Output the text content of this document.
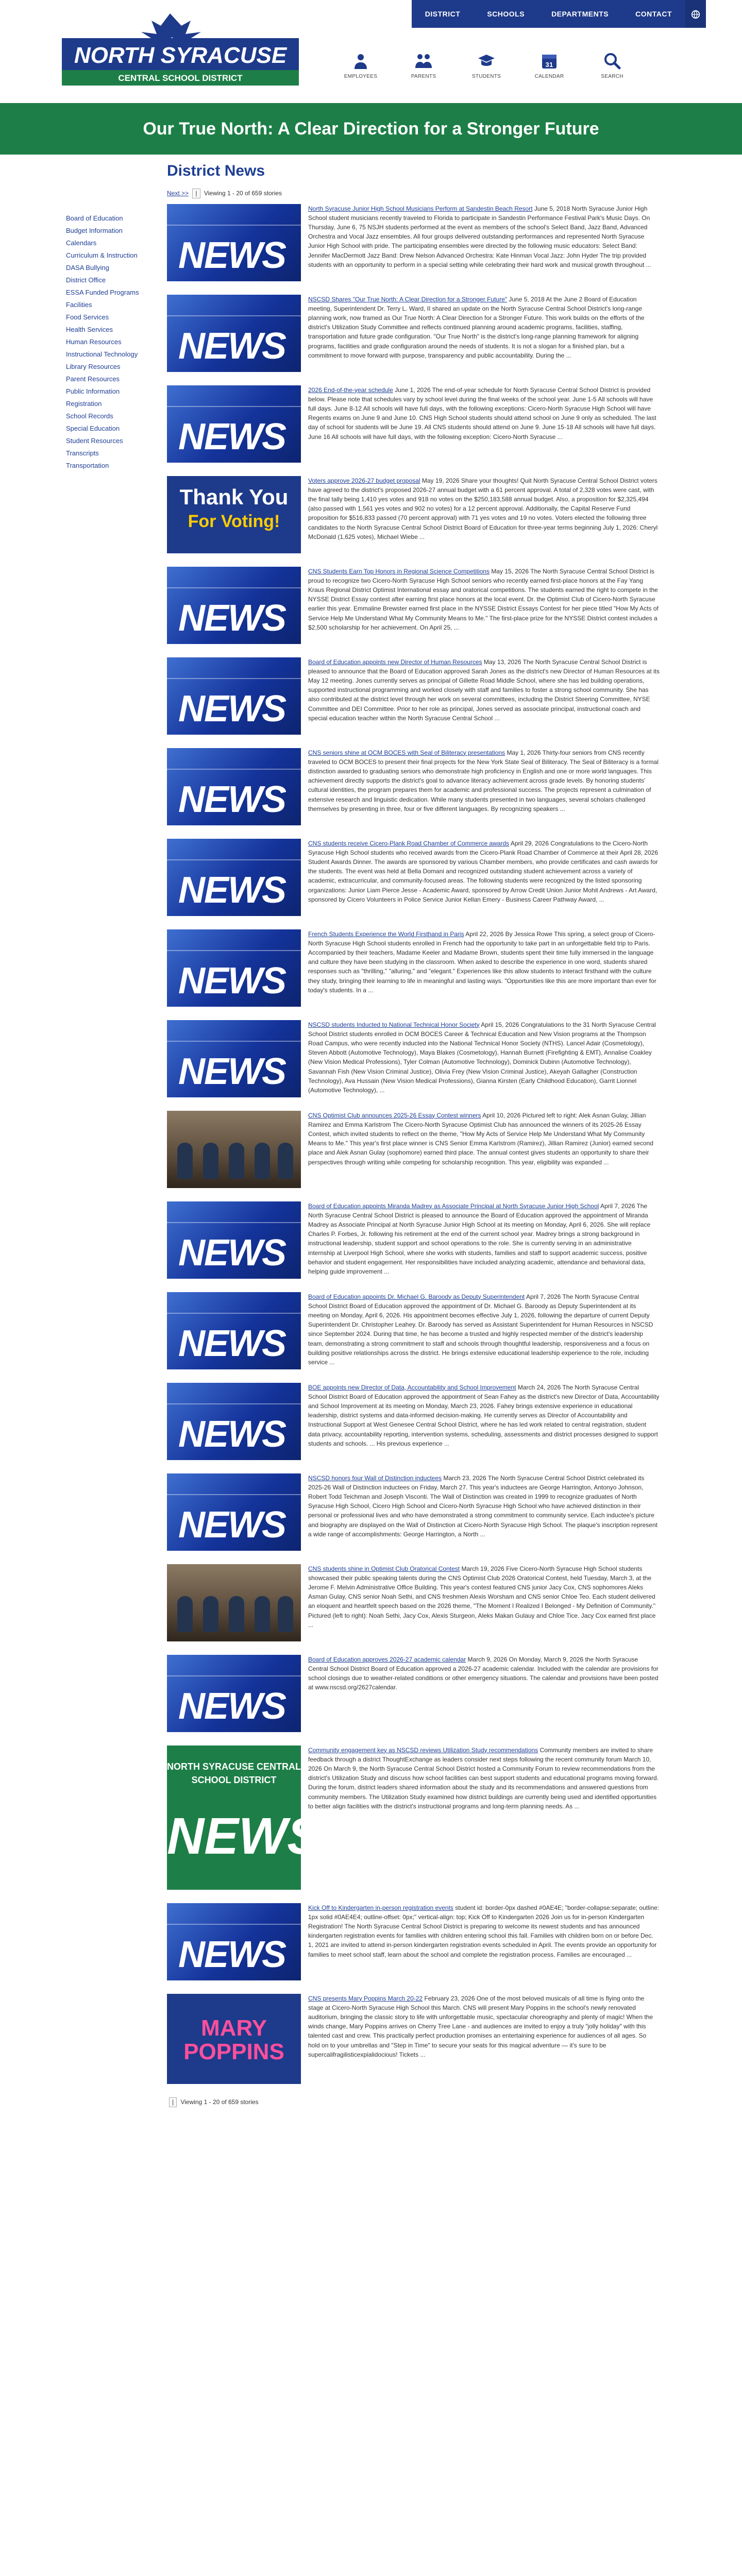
NORTH SYRACUSE
CENTRAL SCHOOL DISTRICT
DISTRICT	SCHOOLS	DEPARTMENTS	CONTACT
EMPLOYEES	PARENTS	STUDENTS
31
CALENDAR	SEARCH
Our True North: A Clear Direction for a Stronger Future
Board of Education
Budget Information
Calendars
Curriculum & Instruction
DASA Bullying
District Office
ESSA Funded Programs
Facilities
Food Services
Health Services
Human Resources
Instructional Technology
Library Resources
Parent Resources
Public Information
Registration
School Records
Special Education
Student Resources
Transcripts
Transportation
District News
Next >> | Viewing 1 - 20 of 659 stories
NEWS
North Syracuse Junior High School Musicians Perform at Sandestin Beach Resort June 5, 2018 North Syracuse Junior High School student musicians recently traveled to Florida to participate in Sandestin Performance Festival Park's Music Days. On Thursday, June 6, 75 NSJH students performed at the event as members of the school's Select Band, Jazz Band, Advanced Orchestra and Vocal Jazz ensembles. All four groups delivered outstanding performances and represented North Syracuse Junior High School with pride. The participating ensembles were directed by the following music educators: Select Band: Jennifer MacDermott Jazz Band: Drew Nelson Advanced Orchestra: Kate Hinman Vocal Jazz: John Hyder The trip provided students with an opportunity to perform in a special setting while celebrating their hard work and musical growth throughout ...
NEWS
NSCSD Shares "Our True North: A Clear Direction for a Stronger Future" June 5, 2018 At the June 2 Board of Education meeting, Superintendent Dr. Terry L. Ward, II shared an update on the North Syracuse Central School District's long-range planning work, now framed as Our True North: A Clear Direction for a Stronger Future. This work builds on the efforts of the district's Utilization Study Committee and reflects continued planning around academic programs, facilities, staffing, transportation and future grade configuration. "Our True North" is the district's long-range planning framework for aligning programs, facilities and grade configuration around the needs of students. It is not a slogan for a finished plan, but a commitment to move forward with purpose, transparency and public accountability. During the ...
NEWS
2026 End-of-the-year schedule June 1, 2026 The end-of-year schedule for North Syracuse Central School District is provided below. Please note that schedules vary by school level during the final weeks of the school year. June 1-5 All schools will have full days. June 8-12 All schools will have full days, with the following exceptions: Cicero-North Syracuse High School will have Regents exams on June 9 and June 10. CNS High School students should attend school on June 9 only as scheduled. The last day of school for students will be June 19. All CNS students should attend on June 9. June 15-18 All schools will have full days. June 16 All schools will have full days, with the following exception: Cicero-North Syracuse ...
Thank You
For Voting!
Voters approve 2026-27 budget proposal May 19, 2026 Share your thoughts! Quit North Syracuse Central School District voters have agreed to the district's proposed 2026-27 annual budget with a 61 percent approval. A total of 2,328 votes were cast, with the final tally being 1,410 yes votes and 918 no votes on the $250,183,588 annual budget. Also, a proposition for $2,325,494 (also passed with 1,561 yes votes and 902 no votes) for a 12 percent approval. Additionally, the Capital Reserve Fund proposition for $516,833 passed (70 percent approval) with 71 yes votes and 19 no votes. Voters elected the following three candidates to the North Syracuse Central School District Board of Education for three-year terms beginning July 1, 2026: Cheryl McDonald (1,625 votes), Michael Wiebe ...
NEWS
CNS Students Earn Top Honors in Regional Science Competitions May 15, 2026 The North Syracuse Central School District is proud to recognize two Cicero-North Syracuse High School seniors who recently earned first-place honors at the Fay Yang Kraus Regional District Optimist International essay and oratorical competitions. The students earned the right to compete in the NYSSE District Essay contest after earning first place honors at the local event. Dr. the Optimist Club of Cicero-North Syracuse earlier this year. Emmaline Brewster earned first place in the NYSSE District Essays Contest for her piece titled "How My Acts of Service Help Me Understand What My Community Means to Me." The first-place prize for the NYSSE District contest includes a $2,500 scholarship for her achievement. On April 25, ...
NEWS
Board of Education appoints new Director of Human Resources May 13, 2026 The North Syracuse Central School District is pleased to announce that the Board of Education approved Sarah Jones as the district's new Director of Human Resources at its May 12 meeting. Jones currently serves as principal of Gillette Road Middle School, where she has led building operations, supported instructional programming and worked closely with staff and families to foster a strong school community. She has also contributed at the district level through her work on several committees, including the District Steering Committee, NYSE Committee and DEI Committee. Prior to her role as principal, Jones served as associate principal, instructional coach and special education teacher within the North Syracuse Central School ...
NEWS
CNS seniors shine at OCM BOCES with Seal of Biliteracy presentations May 1, 2026 Thirty-four seniors from CNS recently traveled to OCM BOCES to present their final projects for the New York State Seal of Biliteracy. The Seal of Biliteracy is a formal distinction awarded to graduating seniors who demonstrate high proficiency in English and one or more world languages. This achievement directly supports the district's goal to advance literacy achievement across grade levels. By honoring students' cultural identities, the program prepares them for academic and professional success. The projects represent a culmination of extensive research and linguistic dedication. While many students presented in two languages, several scholars challenged themselves by presenting in three, four or five different languages. By recognizing speakers ...
NEWS
CNS students receive Cicero-Plank Road Chamber of Commerce awards April 29, 2026 Congratulations to the Cicero-North Syracuse High School students who received awards from the Cicero-Plank Road Chamber of Commerce at their April 28, 2026 Student Awards Dinner. The awards are sponsored by various Chamber members, who provide certificates and cash awards for the students. The event was held at Bella Domani and recognized outstanding student achievement across a variety of academic, extracurricular, and community-focused areas. The following students were recognized by the listed sponsoring organizations: Junior Liam Pierce Jesse - Academic Award, sponsored by Arrow Credit Union Junior Mohit Andrews - Art Award, sponsored by Cicero Volunteers in Police Service Junior Kellan Emery - Business Career Pathway Award, ...
NEWS
French Students Experience the World Firsthand in Paris April 22, 2026 By Jessica Rowe This spring, a select group of Cicero-North Syracuse High School students enrolled in French had the opportunity to take part in an unforgettable field trip to Paris. Accompanied by their teachers, Madame Keeler and Madame Brown, students spent their time fully immersed in the language and culture they have been studying in the classroom. When asked to describe the experience in one word, students shared responses such as "thrilling," "alluring," and "elegant." Experiences like this allow students to interact firsthand with the culture they study, bringing their learning to life in meaningful and lasting ways. "Opportunities like this are more important than ever for today's students. In a ...
NEWS
NSCSD students Inducted to National Technical Honor Society April 15, 2026 Congratulations to the 31 North Syracuse Central School District students enrolled in OCM BOCES Career & Technical Education and New Vision programs at the Thompson Road Campus, who were recently inducted into the National Technical Honor Society (NTHS). Lancel Adair (Cosmetology), Steven Abbott (Automotive Technology), Maya Blakes (Cosmetology), Hannah Burnett (Firefighting & EMT), Annalise Coakley (New Vision Medical Professions), Tyler Colman (Automotive Technology), Dominick Dubinn (Automotive Technology), Savannah Fish (New Vision Criminal Justice), Olivia Frey (New Vision Criminal Justice), Akeyah Gallagher (Construction Technology), Ava Hussain (New Vision Medical Professions), Gianna Kirsten (Early Childhood Education), Garrit Lionnel (Automotive Technology), ...
CNS Optimist Club announces 2025-26 Essay Contest winners April 10, 2026 Pictured left to right: Alek Asnan Gulay, Jillian Ramirez and Emma Karlstrom The Cicero-North Syracuse Optimist Club has announced the winners of its 2025-26 Essay Contest, which invited students to reflect on the theme, "How My Acts of Service Help Me Understand What My Community Means to Me." This year's first place winner is CNS Senior Emma Karlstrom (Ramirez), Jillian Ramirez (Junior) earned second place and Alek Asnan Gulay (sophomore) earned third place. The annual contest gives students an opportunity to share their perspectives through writing while competing for scholarship recognition. This year, eligibility was expanded ...
NEWS
Board of Education appoints Miranda Madrey as Associate Principal at North Syracuse Junior High School April 7, 2026 The North Syracuse Central School District is pleased to announce the Board of Education approved the appointment of Miranda Madrey as Associate Principal at North Syracuse Junior High School at its meeting on Monday, April 6, 2026. She will replace Charles P. Forbes, Jr. following his retirement at the end of the current school year. Madrey brings a strong background in instructional leadership, student support and school operations to the role. She is currently serving in an administrative internship at Liverpool High School, where she works with students, families and staff to support academic success, positive behavior and student engagement. Her responsibilities have included analyzing academic, attendance and behavioral data, helping guide improvement ...
NEWS
Board of Education appoints Dr. Michael G. Baroody as Deputy Superintendent April 7, 2026 The North Syracuse Central School District Board of Education approved the appointment of Dr. Michael G. Baroody as Deputy Superintendent at its meeting on Monday, April 6, 2026. His appointment becomes effective July 1, 2026, following the departure of current Deputy Superintendent Dr. Christopher Leahey. Dr. Baroody has served as Assistant Superintendent for Human Resources in NSCSD since September 2024. During that time, he has become a trusted and highly respected member of the district's leadership team, demonstrating a strong commitment to staff and schools through thoughtful leadership, responsiveness and a focus on building positive relationships across the district. He brings extensive educational leadership experience to the role, including service ...
NEWS
BOE appoints new Director of Data, Accountability and School Improvement March 24, 2026 The North Syracuse Central School District Board of Education approved the appointment of Sean Fahey as the district's new Director of Data, Accountability and School Improvement at its meeting on Monday, March 23, 2026. Fahey brings extensive experience in educational leadership, district systems and data-informed decision-making. He currently serves as Director of Accountability and Instructional Support at West Genesee Central School District, where he has led work related to central registration, student data privacy, accountability reporting, intervention systems, scheduling, assessments and district processes designed to support students and schools. ... His previous experience ...
NEWS
NSCSD honors four Wall of Distinction inductees March 23, 2026 The North Syracuse Central School District celebrated its 2025-26 Wall of Distinction inductees on Friday, March 27. This year's inductees are George Harrington, Antonyo Johnson, Robert Todd Teichman and Joseph Visconti. The Wall of Distinction was created in 1999 to recognize graduates of North Syracuse High School, Cicero High School and Cicero-North Syracuse High School who have achieved distinction in their personal or professional lives and who have demonstrated a strong commitment to community service. Each inductee's picture and biography are displayed on the Wall of Distinction at Cicero-North Syracuse High School. The plaque's inscription represent a wide range of accomplishments: George Harrington, a North ...
CNS students shine in Optimist Club Oratorical Contest March 19, 2026 Five Cicero-North Syracuse High School students showcased their public speaking talents during the CNS Optimist Club 2026 Oratorical Contest, held Tuesday, March 3, at the Jerome F. Melvin Administrative Office Building. This year's contest featured CNS junior Jacy Cox, CNS sophomores Aleks Asman Gulay, CNS senior Noah Sethi, and CNS freshmen Alexis Worsham and CNS senior Chloe Teo. Each student delivered an eloquent and heartfelt speech based on the 2026 theme, "The Moment I Realized I Belonged - My Definition of Community." Pictured (left to right): Noah Sethi, Jacy Cox, Alexis Sturgeon, Aleks Makan Gulauy and Chloe Tice. Jacy Cox earned first place ...
NEWS
Board of Education approves 2026-27 academic calendar March 9, 2026 On Monday, March 9, 2026 the North Syracuse Central School District Board of Education approved a 2026-27 academic calendar. Included with the calendar are provisions for school closings due to weather-related conditions or other emergency situations. The calendar and provisions have been posted at www.nscsd.org/2627calendar.
NORTH SYRACUSE CENTRAL SCHOOL DISTRICT
NEWS
Community engagement key as NSCSD reviews Utilization Study recommendations Community members are invited to share feedback through a district ThoughtExchange as leaders consider next steps following the recent community forum March 10, 2026 On March 9, the North Syracuse Central School District hosted a Community Forum to review recommendations from the district's Utilization Study and discuss how school facilities can best support students and educational programs moving forward. During the forum, district leaders shared information about the study and its recommendations and answered questions from community members. The Utilization Study examined how district buildings are currently being used and identified opportunities to better align facilities with the district's instructional programs and long-term planning needs. As ...
NEWS
Kick Off to Kindergarten in-person registration events student id: border-0px dashed #0AE4E; "border-collapse:separate; outline: 1px solid #0AE4E4; outline-offset: 0px;" vertical-align: top; Kick Off to Kindergarten 2026 Join us for in-person Kindergarten Registration! The North Syracuse Central School District is preparing to welcome its newest students and has announced kindergarten registration events for families with children entering school this fall. Families with children born on or before Dec. 1, 2021 are invited to attend in-person kindergarten registration events scheduled in April. The events provide an opportunity for families to meet school staff, learn about the school and complete the registration process. Families are encouraged ...
MARY POPPINS
CNS presents Mary Poppins March 20-22 February 23, 2026 One of the most beloved musicals of all time is flying onto the stage at Cicero-North Syracuse High School this March. CNS will present Mary Poppins in the school's newly renovated auditorium, bringing the classic story to life with unforgettable music, spectacular choreography and plenty of magic! When the winds change, Mary Poppins arrives on Cherry Tree Lane - and audiences are invited to enjoy a truly "jolly holiday" with this talented cast and crew. This practically perfect production promises an entertaining experience for audiences of all ages. So hold on to your umbrellas and "Step in Time" to secure your seats for this magical adventure — it's sure to be supercalifragilisticexpialidocious! Tickets ...
| Viewing 1 - 20 of 659 stories
